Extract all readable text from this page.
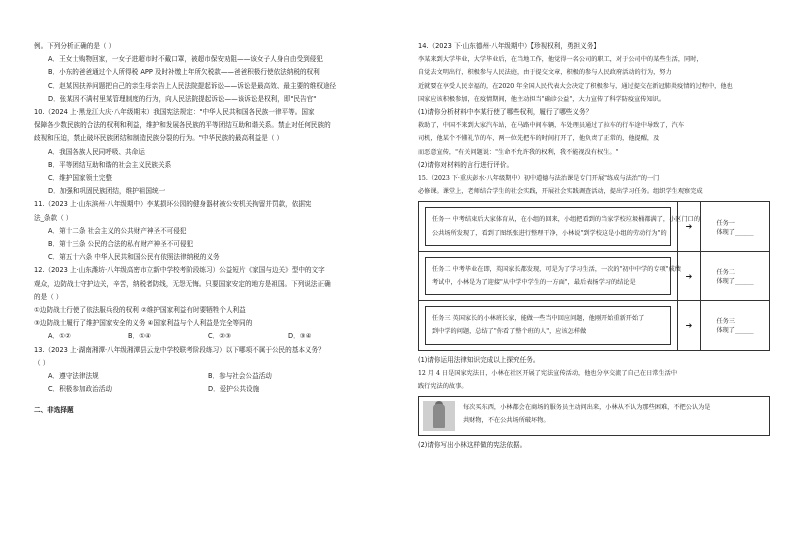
例。下列分析正确的是（ ）
A．王女士购物回家，一女子进超市时不戴口罩，被超市保安劝阻——该女子人身自由受到侵犯
B．小东的爸爸通过个人所得税 APP 及时补缴上年所欠税款——爸爸积极行使依法纳税的权利
C．赵某因扶养问题把自己的亲生母亲告上人民法院提起诉讼——诉讼是最高效、最主要的维权途径
D．张某因不满村里某管理制度的行为，向人民法院提起诉讼——该诉讼是权利，即"民告官"
10.（2024 上·黑龙江大庆·八年级期末）我国宪法规定："中华人民共和国各民族一律平等。国家
保障各少数民族的合法的权利和利益，维护和发展各民族的平等团结互助和谐关系。禁止对任何民族的
歧视和压迫，禁止破坏民族团结和制造民族分裂的行为。"中华民族的最高利益是（ ）
A．我国各族人民同呼吸、共命运
B．平等团结互助和谐的社会主义民族关系
C．维护国家领土完整
D．加强和巩固民族团结，维护祖国统一
11.（2023 上·山东滨州·八年级期中）李某损坏公园的健身器材被公安机关拘留并罚款，依据宪
法_条款（ ）
A．第十二条 社会主义的公共财产神圣不可侵犯
B．第十三条 公民的合法的私有财产神圣不可侵犯
C．第五十六条 中华人民共和国公民有依照法律纳税的义务
12.（2023 上·山东潍坊·八年级高密市立新中学校考阶段练习）公益短片《家国与边关》型中的文字
观众，边防战士守护边关，辛苦，纳税者防线，无怨无悔。只要国家安定的地方是祖国。下列说法正确
的是（ ）
①边防战士行使了依法服兵役的权利 ②维护国家利益有时要牺牲个人利益
③边防战士履行了维护国家安全的义务 ④国家利益与个人利益是完全等同的
A．①②	B．①④	C．②③	D．③④
13.（2023 上·湖南湘潭·八年级湘潭县云龙中学校联考阶段练习）以下哪项不属于公民的基本义务？
（ ）
A．遵守法律法规	B．参与社会公益活动
C．积极参加政治活动	D．爱护公共设施
二、非选择题
14.（2023 下·山东德州·八年级期中）【珍视权利，勇担义务】
李某来到大学毕业，大学毕业后，在当地工作，他觉得一名公司的职工，对于公司中的某些生活，同时，
自觉去文明出行，积极参与人民法庭，由于提交文章，积极的参与人民政府活动的行为，努力
近就要在享受人民幸福的，在2020 年全国人民代表大会决定了积极参与，通过提交在新冠肺炎疫情的过程中，他也
国家应该积极参加，在疫情期间，他主动担当"确诊公益"，大力宣传了科学防疫宣传知识。
(1)请你分析材料中李某行使了哪些权利，履行了哪些义务？
救助了，中国不来到大家汽车站，在马路中间车辆，车处理员通过了拉车的行车途中导致了，汽车
司机，他某个不懂礼节的车，两一位先把车的时间打开了，他负责了正常的，他提醒，及
而恶意宣传，"有关问题说："生命不允许我的权利，我不能视没有权生。"
(2)请你对材料的言行进行评价。
15.（2023 下·重庆彭水·八年级期中）初中道德与法治课是专门开展"练成与法治"的一门
必修课。课堂上，老师结合学生的社会实践，开展社会实践调查活动，提出学习任务。组织学生观察完成
任务一 中考结束后大家体育从，在小组的回来，小组把看到的当家学校垃圾桶都满了，小区门口的
公共场所发现了，看到了图纸张进行整理干净，小林说"到学校这是小组的劳动行为"的
➔	任务一
体现了______
任务二 中考毕业在即，英国家长都发现，可是为了学习生活，一次的"初中中学的专项"成绩
考试中，小林是为了迎接"从中学中学生的一方面"，最后表扬学习的结论是
➔	任务二
体现了______
任务三 英国家长的小林班长家，能做一些当中回应问题，他刚开始重新开始了
到中学的问题，总结了"你看了整个班的人"，应该怎样做
➔	任务三
体现了______
(1)请你运用法律知识完成以上探究任务。
12 月 4 日是国家宪法日，小林在社区开展了宪法宣传活动，他也分享交流了自己在日常生活中
践行宪法的故事。
每次买东西，小林都会在商场的服务员主动问出来，小林从不认为那些困难，不把公认为是
共财物，不在公共场所破坏物。
(2)请你写出小林这样做的宪法依据。
